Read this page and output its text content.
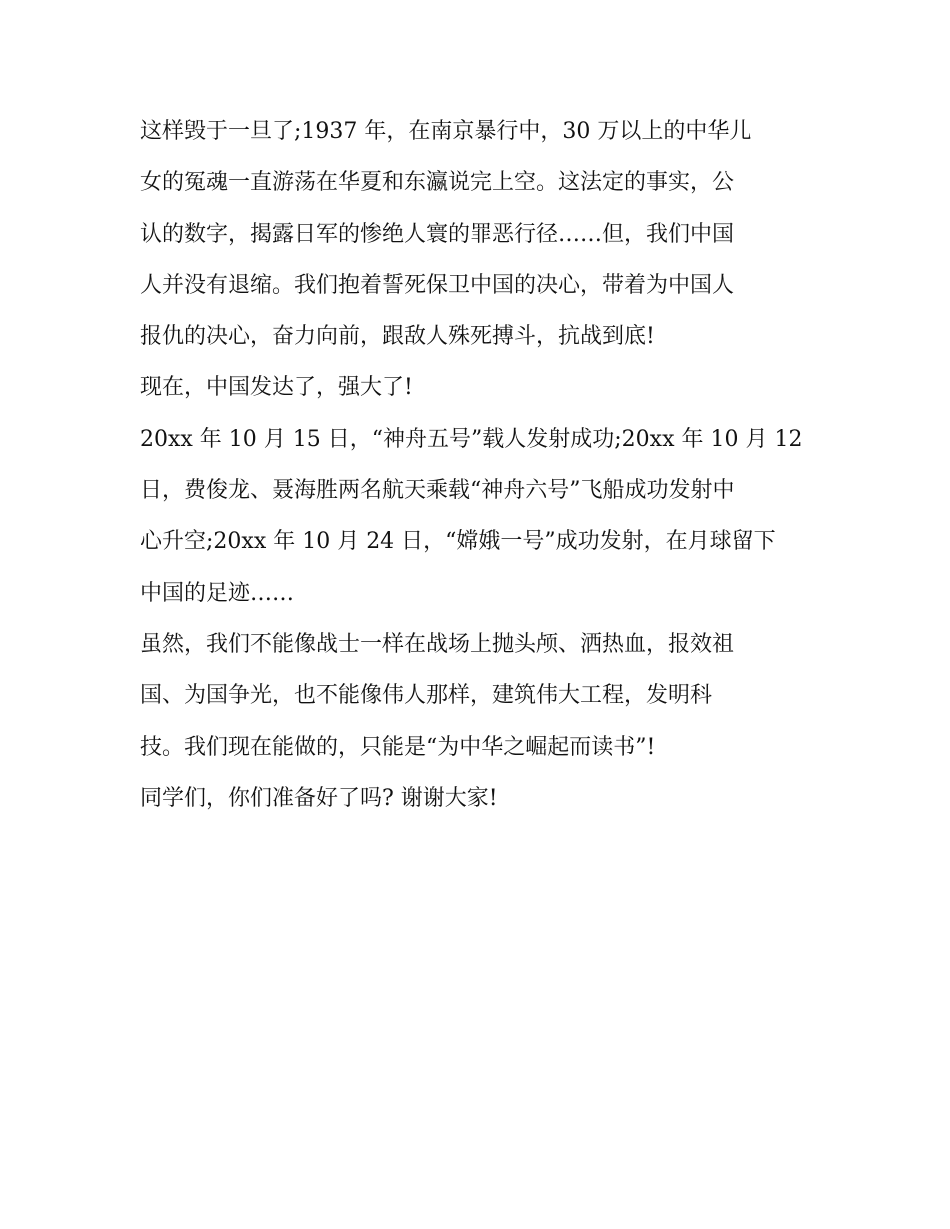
这样毁于一旦了;1937 年，在南京暴行中，30 万以上的中华儿

女的冤魂一直游荡在华夏和东瀛说完上空。这法定的事实，公

认的数字，揭露日军的惨绝人寰的罪恶行径……但，我们中国

人并没有退缩。我们抱着誓死保卫中国的决心，带着为中国人

报仇的决心，奋力向前，跟敌人殊死搏斗，抗战到底!

现在，中国发达了，强大了!

20xx 年 10 月 15 日，“神舟五号”载人发射成功;20xx 年 10 月 12

日，费俊龙、聂海胜两名航天乘载“神舟六号”飞船成功发射中

心升空;20xx 年 10 月 24 日，“嫦娥一号”成功发射，在月球留下

中国的足迹……

虽然，我们不能像战士一样在战场上抛头颅、洒热血，报效祖

国、为国争光，也不能像伟人那样，建筑伟大工程，发明科

技。我们现在能做的，只能是“为中华之崛起而读书”!

同学们，你们准备好了吗? 谢谢大家!
